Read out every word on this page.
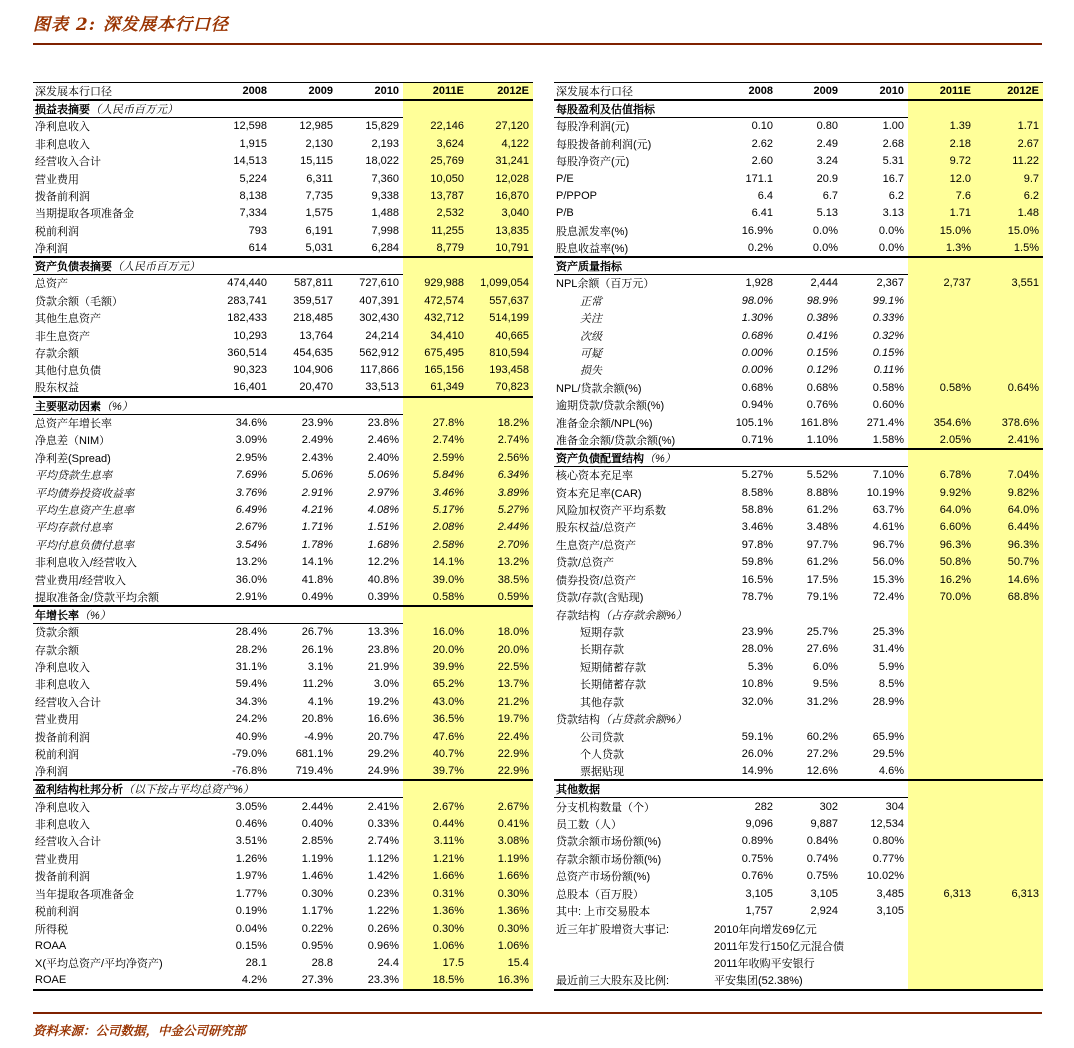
图表 2: 深发展本行口径
深发展本行口径	2008	2009	2010	2011E	2012E
损益表摘要（人民币百万元）					
净利息收入	12,598	12,985	15,829	22,146	27,120
非利息收入	1,915	2,130	2,193	3,624	4,122
经营收入合计	14,513	15,115	18,022	25,769	31,241
营业费用	5,224	6,311	7,360	10,050	12,028
拨备前利润	8,138	7,735	9,338	13,787	16,870
当期提取各项准备金	7,334	1,575	1,488	2,532	3,040
税前利润	793	6,191	7,998	11,255	13,835
净利润	614	5,031	6,284	8,779	10,791
资产负债表摘要（人民币百万元）					
总资产	474,440	587,811	727,610	929,988	1,099,054
贷款余额（毛额）	283,741	359,517	407,391	472,574	557,637
其他生息资产	182,433	218,485	302,430	432,712	514,199
非生息资产	10,293	13,764	24,214	34,410	40,665
存款余额	360,514	454,635	562,912	675,495	810,594
其他付息负债	90,323	104,906	117,866	165,156	193,458
股东权益	16,401	20,470	33,513	61,349	70,823
主要驱动因素（%）					
总资产年增长率	34.6%	23.9%	23.8%	27.8%	18.2%
净息差（NIM）	3.09%	2.49%	2.46%	2.74%	2.74%
净利差(Spread)	2.95%	2.43%	2.40%	2.59%	2.56%
平均贷款生息率	7.69%	5.06%	5.06%	5.84%	6.34%
平均债券投资收益率	3.76%	2.91%	2.97%	3.46%	3.89%
平均生息资产生息率	6.49%	4.21%	4.08%	5.17%	5.27%
平均存款付息率	2.67%	1.71%	1.51%	2.08%	2.44%
平均付息负债付息率	3.54%	1.78%	1.68%	2.58%	2.70%
非利息收入/经营收入	13.2%	14.1%	12.2%	14.1%	13.2%
营业费用/经营收入	36.0%	41.8%	40.8%	39.0%	38.5%
提取准备金/贷款平均余额	2.91%	0.49%	0.39%	0.58%	0.59%
年增长率（%）					
贷款余额	28.4%	26.7%	13.3%	16.0%	18.0%
存款余额	28.2%	26.1%	23.8%	20.0%	20.0%
净利息收入	31.1%	3.1%	21.9%	39.9%	22.5%
非利息收入	59.4%	11.2%	3.0%	65.2%	13.7%
经营收入合计	34.3%	4.1%	19.2%	43.0%	21.2%
营业费用	24.2%	20.8%	16.6%	36.5%	19.7%
拨备前利润	40.9%	-4.9%	20.7%	47.6%	22.4%
税前利润	-79.0%	681.1%	29.2%	40.7%	22.9%
净利润	-76.8%	719.4%	24.9%	39.7%	22.9%
盈利结构杜邦分析（以下按占平均总资产%）					
净利息收入	3.05%	2.44%	2.41%	2.67%	2.67%
非利息收入	0.46%	0.40%	0.33%	0.44%	0.41%
经营收入合计	3.51%	2.85%	2.74%	3.11%	3.08%
营业费用	1.26%	1.19%	1.12%	1.21%	1.19%
拨备前利润	1.97%	1.46%	1.42%	1.66%	1.66%
当年提取各项准备金	1.77%	0.30%	0.23%	0.31%	0.30%
税前利润	0.19%	1.17%	1.22%	1.36%	1.36%
所得税	0.04%	0.22%	0.26%	0.30%	0.30%
ROAA	0.15%	0.95%	0.96%	1.06%	1.06%
X(平均总资产/平均净资产)	28.1	28.8	24.4	17.5	15.4
ROAE	4.2%	27.3%	23.3%	18.5%	16.3%
深发展本行口径	2008	2009	2010	2011E	2012E
每股盈利及估值指标					
每股净利润(元)	0.10	0.80	1.00	1.39	1.71
每股拨备前利润(元)	2.62	2.49	2.68	2.18	2.67
每股净资产(元)	2.60	3.24	5.31	9.72	11.22
P/E	171.1	20.9	16.7	12.0	9.7
P/PPOP	6.4	6.7	6.2	7.6	6.2
P/B	6.41	5.13	3.13	1.71	1.48
股息派发率(%)	16.9%	0.0%	0.0%	15.0%	15.0%
股息收益率(%)	0.2%	0.0%	0.0%	1.3%	1.5%
资产质量指标					
NPL余额（百万元）	1,928	2,444	2,367	2,737	3,551
正常	98.0%	98.9%	99.1%		
关注	1.30%	0.38%	0.33%		
次级	0.68%	0.41%	0.32%		
可疑	0.00%	0.15%	0.15%		
损失	0.00%	0.12%	0.11%		
NPL/贷款余额(%)	0.68%	0.68%	0.58%	0.58%	0.64%
逾期贷款/贷款余额(%)	0.94%	0.76%	0.60%		
准备金余额/NPL(%)	105.1%	161.8%	271.4%	354.6%	378.6%
准备金余额/贷款余额(%)	0.71%	1.10%	1.58%	2.05%	2.41%
资产负债配置结构（%）					
核心资本充足率	5.27%	5.52%	7.10%	6.78%	7.04%
资本充足率(CAR)	8.58%	8.88%	10.19%	9.92%	9.82%
风险加权资产平均系数	58.8%	61.2%	63.7%	64.0%	64.0%
股东权益/总资产	3.46%	3.48%	4.61%	6.60%	6.44%
生息资产/总资产	97.8%	97.7%	96.7%	96.3%	96.3%
贷款/总资产	59.8%	61.2%	56.0%	50.8%	50.7%
债券投资/总资产	16.5%	17.5%	15.3%	16.2%	14.6%
贷款/存款(含贴现)	78.7%	79.1%	72.4%	70.0%	68.8%
存款结构（占存款余额%）					
短期存款	23.9%	25.7%	25.3%		
长期存款	28.0%	27.6%	31.4%		
短期储蓄存款	5.3%	6.0%	5.9%		
长期储蓄存款	10.8%	9.5%	8.5%		
其他存款	32.0%	31.2%	28.9%		
贷款结构（占贷款余额%）					
公司贷款	59.1%	60.2%	65.9%		
个人贷款	26.0%	27.2%	29.5%		
票据贴现	14.9%	12.6%	4.6%		
其他数据					
分支机构数量（个）	282	302	304		
员工数（人）	9,096	9,887	12,534		
贷款余额市场份额(%)	0.89%	0.84%	0.80%		
存款余额市场份额(%)	0.75%	0.74%	0.77%		
总资产市场份额(%)	0.76%	0.75%	10.02%		
总股本（百万股）	3,105	3,105	3,485	6,313	6,313
其中: 上市交易股本	1,757	2,924	3,105		
近三年扩股增资大事记:	2010年向增发69亿元				
	2011年发行150亿元混合债				
	2011年收购平安银行				
最近前三大股东及比例:	平安集团(52.38%)				
资料来源：公司数据，中金公司研究部
